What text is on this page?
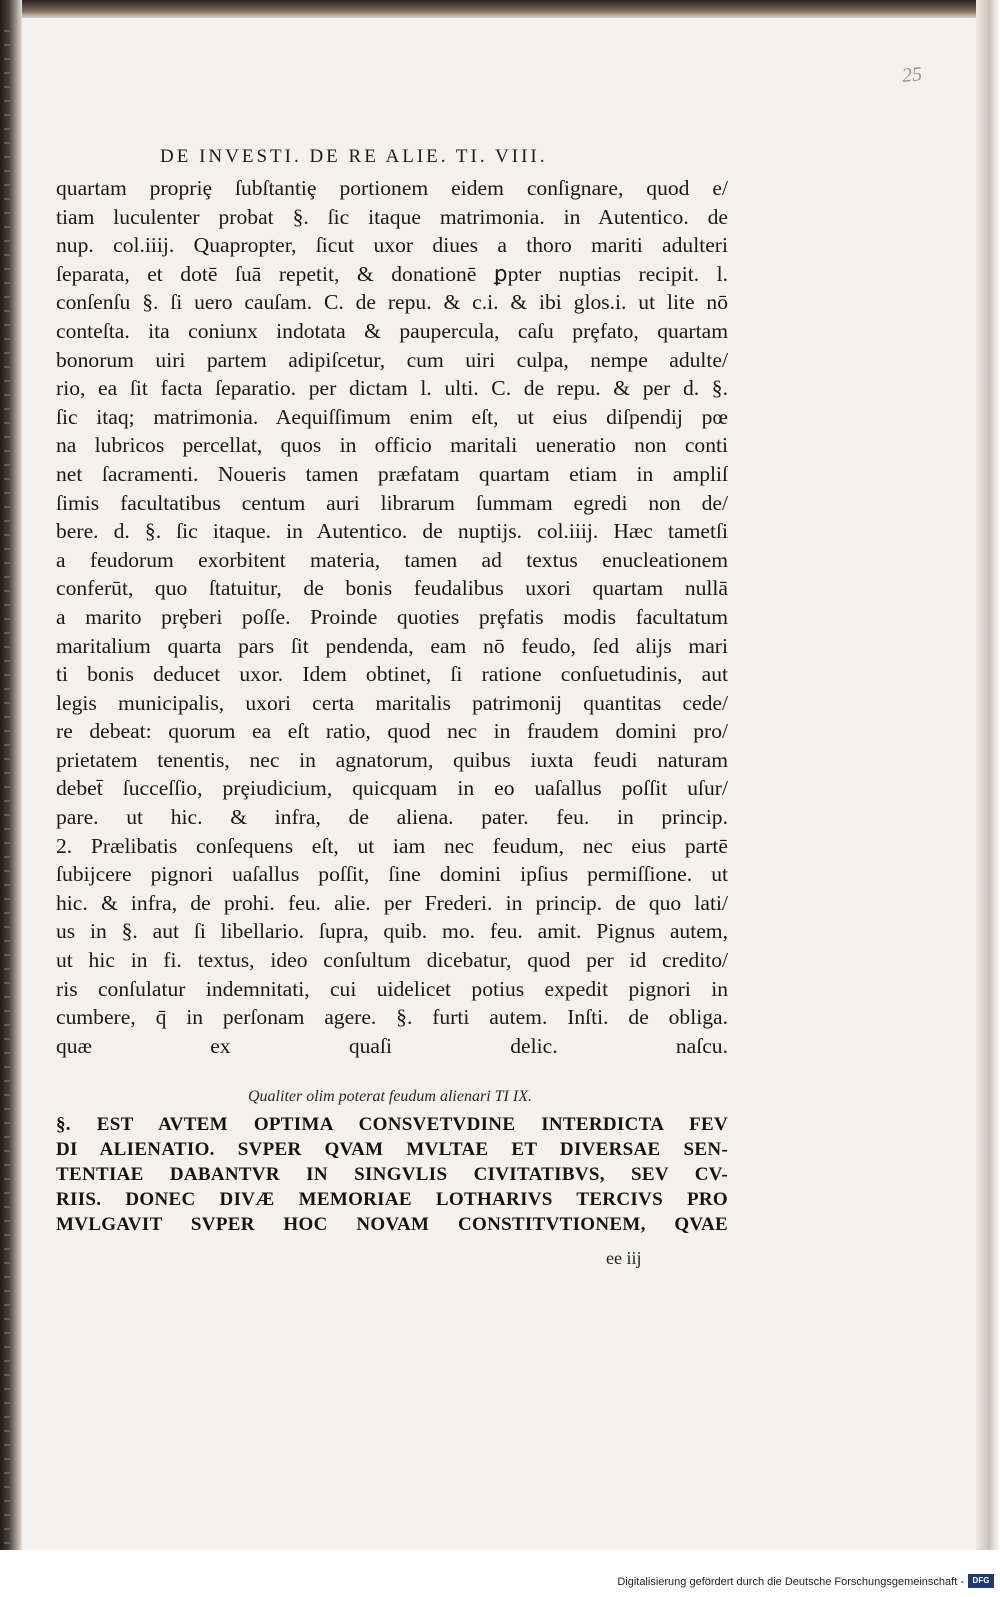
25
DE INVESTI. DE RE ALIE. TI. VIII.
quartam propriȩ ſubſtantiȩ portionem eidem conſignare, quod e/
tiam luculenter probat §. ſic itaque matrimonia. in Autentico. de
nup. col.iiij. Quapropter, ſicut uxor diues a thoro mariti adulteri
ſeparata, et dotē ſuā repetit, & donationē ꝑpter nuptias recipit. l.
conſenſu §. ſi uero cauſam. C. de repu. & c.i. & ibi glos.i. ut lite nō
conteſta. ita coniunx indotata & paupercula, caſu prȩfato, quartam
bonorum uiri partem adipiſcetur, cum uiri culpa, nempe adulte/
rio, ea ſit facta ſeparatio. per dictam l. ulti. C. de repu. & per d. §.
ſic itaq; matrimonia. Aequiſſimum enim eſt, ut eius diſpendij pœ
na lubricos percellat, quos in officio maritali ueneratio non conti
net ſacramenti. Noueris tamen præfatam quartam etiam in ampliſ
ſimis facultatibus centum auri librarum ſummam egredi non de/
bere. d. §. ſic itaque. in Autentico. de nuptijs. col.iiij. Hæc tametſi
a feudorum exorbitent materia, tamen ad textus enucleationem
conferūt, quo ſtatuitur, de bonis feudalibus uxori quartam nullā
a marito prȩberi poſſe. Proinde quoties prȩfatis modis facultatum
maritalium quarta pars ſit pendenda, eam nō feudo, ſed alijs mari
ti bonis deducet uxor. Idem obtinet, ſi ratione conſuetudinis, aut
legis municipalis, uxori certa maritalis patrimonij quantitas cede/
re debeat: quorum ea eſt ratio, quod nec in fraudem domini pro/
prietatem tenentis, nec in agnatorum, quibus iuxta feudi naturam
debet̄ ſucceſſio, prȩiudicium, quicquam in eo uaſallus poſſit uſur/
pare. ut hic. & infra, de aliena. pater. feu. in princip.
2. Prælibatis conſequens eſt, ut iam nec feudum, nec eius partē
ſubijcere pignori uaſallus poſſit, ſine domini ipſius permiſſione. ut
hic. & infra, de prohi. feu. alie. per Frederi. in princip. de quo lati/
us in §. aut ſi libellario. ſupra, quib. mo. feu. amit. Pignus autem,
ut hic in fi. textus, ideo conſultum dicebatur, quod per id credito/
ris conſulatur indemnitati, cui uidelicet potius expedit pignori in
cumbere, q̄ in perſonam agere. §. furti autem. Inſti. de obliga.
quæ ex quaſi delic. naſcu.
Qualiter olim poterat feudum alienari TI IX.
§. EST AVTEM OPTIMA CONSVETVDINE INTERDICTA FEV
DI ALIENATIO. SVPER QVAM MVLTAE ET DIVERSAE SEN-
TENTIAE DABANTVR IN SINGVLIS CIVITATIBVS, SEV CV-
RIIS. DONEC DIVÆ MEMORIAE LOTHARIVS TERCIVS PRO
MVLGAVIT SVPER HOC NOVAM CONSTITVTIONEM, QVAE
ee iij
Digitalisierung gefördert durch die Deutsche Forschungsgemeinschaft -	DFG
